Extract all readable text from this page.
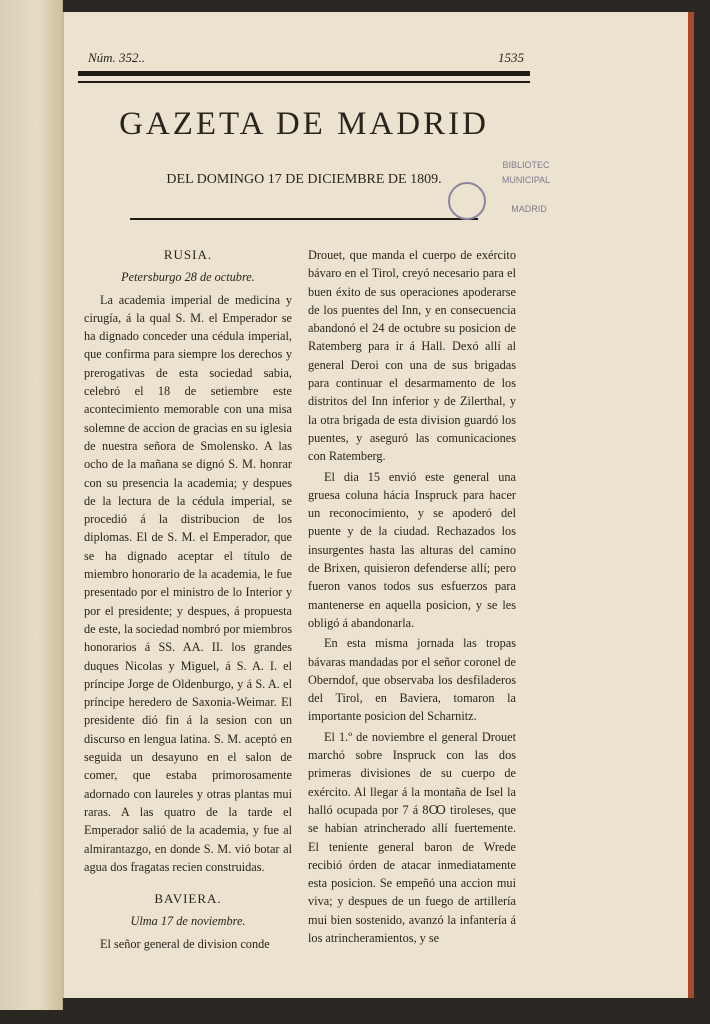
Núm. 352..	1535
GAZETA DE MADRID
DEL DOMINGO 17 DE DICIEMBRE DE 1809.
BIBLIOTEC
MUNICIPAL
MADRID
RUSIA.
Petersburgo 28 de octubre.

La academia imperial de medicina y cirugía, á la qual S. M. el Emperador se ha dignado conceder una cédula imperial, que confirma para siempre los derechos y prerogativas de esta sociedad sabia, celebró el 18 de setiembre este acontecimiento memorable con una misa solemne de accion de gracias en su iglesia de nuestra señora de Smolensko. A las ocho de la mañana se dignó S. M. honrar con su presencia la academia; y despues de la lectura de la cédula imperial, se procedió á la distribucion de los diplomas. El de S. M. el Emperador, que se ha dignado aceptar el título de miembro honorario de la academia, le fue presentado por el ministro de lo Interior y por el presidente; y despues, á propuesta de este, la sociedad nombró por miembros honorarios á SS. AA. II. los grandes duques Nicolas y Miguel, á S. A. I. el príncipe Jorge de Oldenburgo, y á S. A. el príncipe heredero de Saxonia-Weimar. El presidente dió fin á la sesion con un discurso en lengua latina. S. M. aceptó en seguida un desayuno en el salon de comer, que estaba primorosamente adornado con laureles y otras plantas mui raras. A las quatro de la tarde el Emperador salió de la academia, y fue al almirantazgo, en donde S. M. vió botar al agua dos fragatas recien construidas.

BAVIERA.
Ulma 17 de noviembre.

El señor general de division conde

Drouet, que manda el cuerpo de exército bávaro en el Tirol, creyó necesario para el buen éxito de sus operaciones apoderarse de los puentes del Inn, y en consecuencia abandonó el 24 de octubre su posicion de Ratemberg para ir á Hall. Dexó allí al general Deroi con una de sus brigadas para continuar el desarmamento de los distritos del Inn inferior y de Zilerthal, y la otra brigada de esta division guardó los puentes, y aseguró las comunicaciones con Ratemberg.

El dia 15 envió este general una gruesa coluna hácia Inspruck para hacer un reconocimiento, y se apoderó del puente y de la ciudad. Rechazados los insurgentes hasta las alturas del camino de Brixen, quisieron defenderse allí; pero fueron vanos todos sus esfuerzos para mantenerse en aquella posicion, y se les obligó á abandonarla.

En esta misma jornada las tropas bávaras mandadas por el señor coronel de Oberndof, que observaba los desfiladeros del Tirol, en Baviera, tomaron la importante posicion del Scharnitz.

El 1.º de noviembre el general Drouet marchó sobre Inspruck con las dos primeras divisiones de su cuerpo de exército. Al llegar á la montaña de Isel la halló ocupada por 7 á 8Ꝏ tiroleses, que se habian atrincherado allí fuertemente. El teniente general baron de Wrede recibió órden de atacar inmediatamente esta posicion. Se empeñó una accion mui viva; y despues de un fuego de artillería mui bien sostenido, avanzó la infantería á los atrincheramientos, y se
